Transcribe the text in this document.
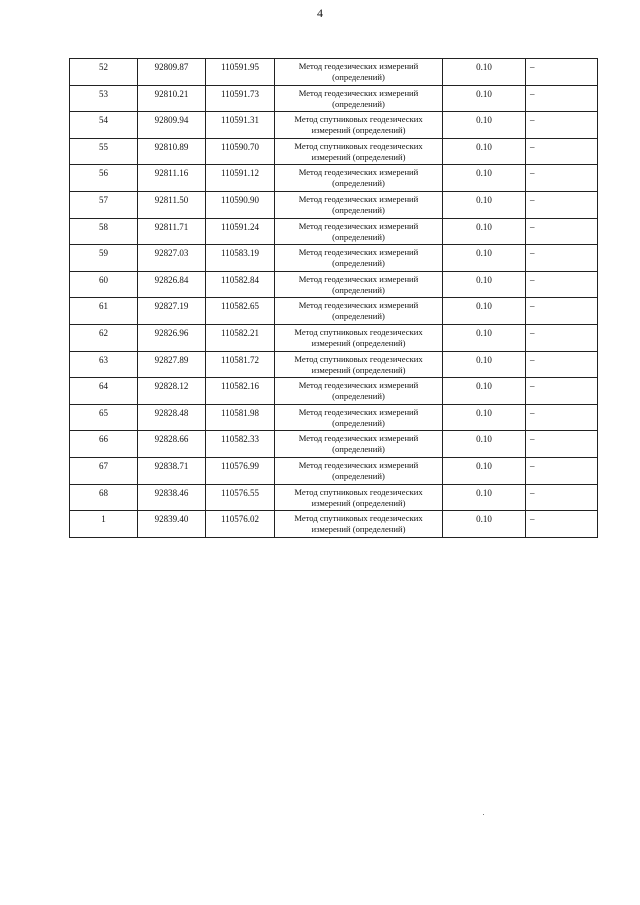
4
52	92809.87	110591.95	Метод геодезических измерений
(определений)	0.10	–
53	92810.21	110591.73	Метод геодезических измерений
(определений)	0.10	–
54	92809.94	110591.31	Метод спутниковых геодезических
измерений (определений)	0.10	–
55	92810.89	110590.70	Метод спутниковых геодезических
измерений (определений)	0.10	–
56	92811.16	110591.12	Метод геодезических измерений
(определений)	0.10	–
57	92811.50	110590.90	Метод геодезических измерений
(определений)	0.10	–
58	92811.71	110591.24	Метод геодезических измерений
(определений)	0.10	–
59	92827.03	110583.19	Метод геодезических измерений
(определений)	0.10	–
60	92826.84	110582.84	Метод геодезических измерений
(определений)	0.10	–
61	92827.19	110582.65	Метод геодезических измерений
(определений)	0.10	–
62	92826.96	110582.21	Метод спутниковых геодезических
измерений (определений)	0.10	–
63	92827.89	110581.72	Метод спутниковых геодезических
измерений (определений)	0.10	–
64	92828.12	110582.16	Метод геодезических измерений
(определений)	0.10	–
65	92828.48	110581.98	Метод геодезических измерений
(определений)	0.10	–
66	92828.66	110582.33	Метод геодезических измерений
(определений)	0.10	–
67	92838.71	110576.99	Метод геодезических измерений
(определений)	0.10	–
68	92838.46	110576.55	Метод спутниковых геодезических
измерений (определений)	0.10	–
1	92839.40	110576.02	Метод спутниковых геодезических
измерений (определений)	0.10	–
